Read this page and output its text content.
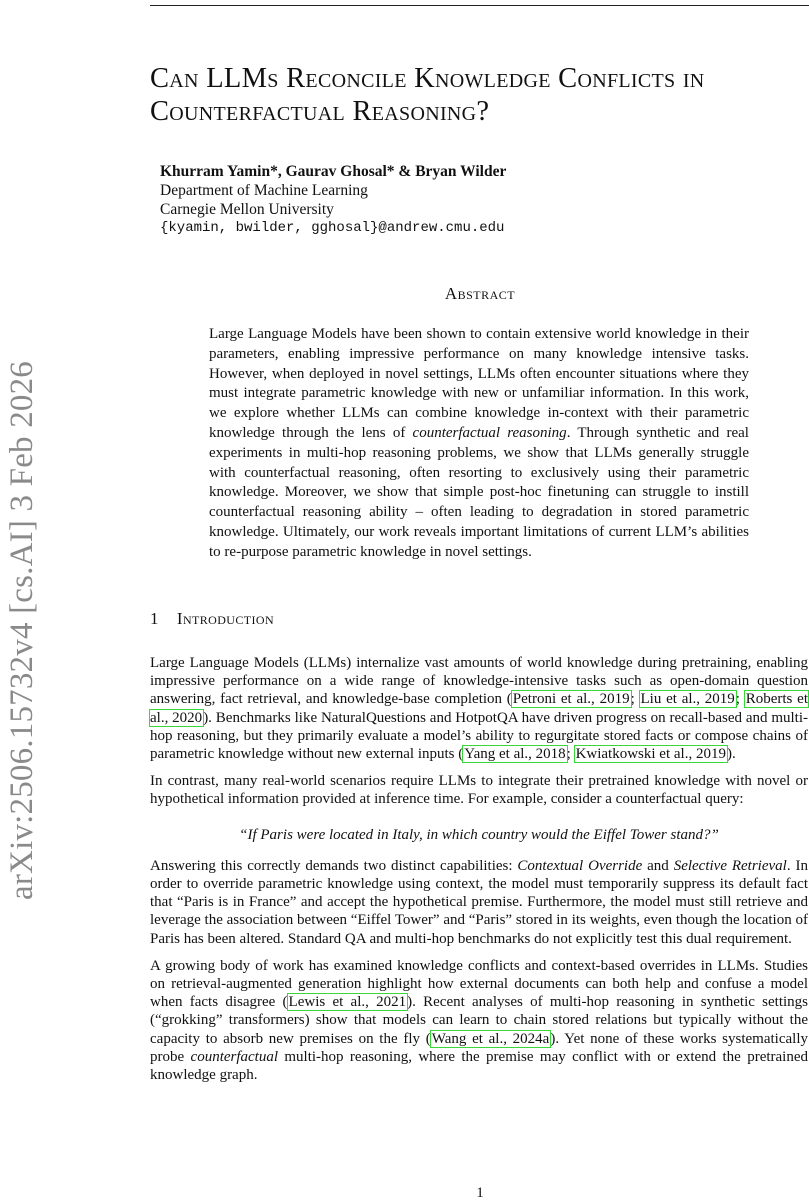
arXiv:2506.15732v4 [cs.AI] 3 Feb 2026
Can LLMs Reconcile Knowledge Conflicts in Counterfactual Reasoning?
Khurram Yamin*, Gaurav Ghosal* & Bryan Wilder
Department of Machine Learning
Carnegie Mellon University
{kyamin, bwilder, gghosal}@andrew.cmu.edu
Abstract
Large Language Models have been shown to contain extensive world knowledge in their parameters, enabling impressive performance on many knowledge intensive tasks. However, when deployed in novel settings, LLMs often encounter situations where they must integrate parametric knowledge with new or unfamiliar information. In this work, we explore whether LLMs can combine knowledge in-context with their parametric knowledge through the lens of counterfactual reasoning. Through synthetic and real experiments in multi-hop reasoning problems, we show that LLMs generally struggle with counterfactual reasoning, often resorting to exclusively using their parametric knowledge. Moreover, we show that simple post-hoc finetuning can struggle to instill counterfactual reasoning ability – often leading to degradation in stored parametric knowledge. Ultimately, our work reveals important limitations of current LLM’s abilities to re-purpose parametric knowledge in novel settings.
1 Introduction

Large Language Models (LLMs) internalize vast amounts of world knowledge during pretraining, enabling impressive performance on a wide range of knowledge-intensive tasks such as open-domain question answering, fact retrieval, and knowledge-base completion (Petroni et al., 2019; Liu et al., 2019; Roberts et al., 2020). Benchmarks like NaturalQuestions and HotpotQA have driven progress on recall-based and multi-hop reasoning, but they primarily evaluate a model’s ability to regurgitate stored facts or compose chains of parametric knowledge without new external inputs (Yang et al., 2018; Kwiatkowski et al., 2019).

In contrast, many real-world scenarios require LLMs to integrate their pretrained knowledge with novel or hypothetical information provided at inference time. For example, consider a counterfactual query:

“If Paris were located in Italy, in which country would the Eiffel Tower stand?”

Answering this correctly demands two distinct capabilities: Contextual Override and Selective Retrieval. In order to override parametric knowledge using context, the model must temporarily suppress its default fact that “Paris is in France” and accept the hypothetical premise. Furthermore, the model must still retrieve and leverage the association between “Eiffel Tower” and “Paris” stored in its weights, even though the location of Paris has been altered. Standard QA and multi-hop benchmarks do not explicitly test this dual requirement.

A growing body of work has examined knowledge conflicts and context-based overrides in LLMs. Studies on retrieval-augmented generation highlight how external documents can both help and confuse a model when facts disagree (Lewis et al., 2021). Recent analyses of multi-hop reasoning in synthetic settings (“grokking” transformers) show that models can learn to chain stored relations but typically without the capacity to absorb new premises on the fly (Wang et al., 2024a). Yet none of these works systematically probe counterfactual multi-hop reasoning, where the premise may conflict with or extend the pretrained knowledge graph.

1
